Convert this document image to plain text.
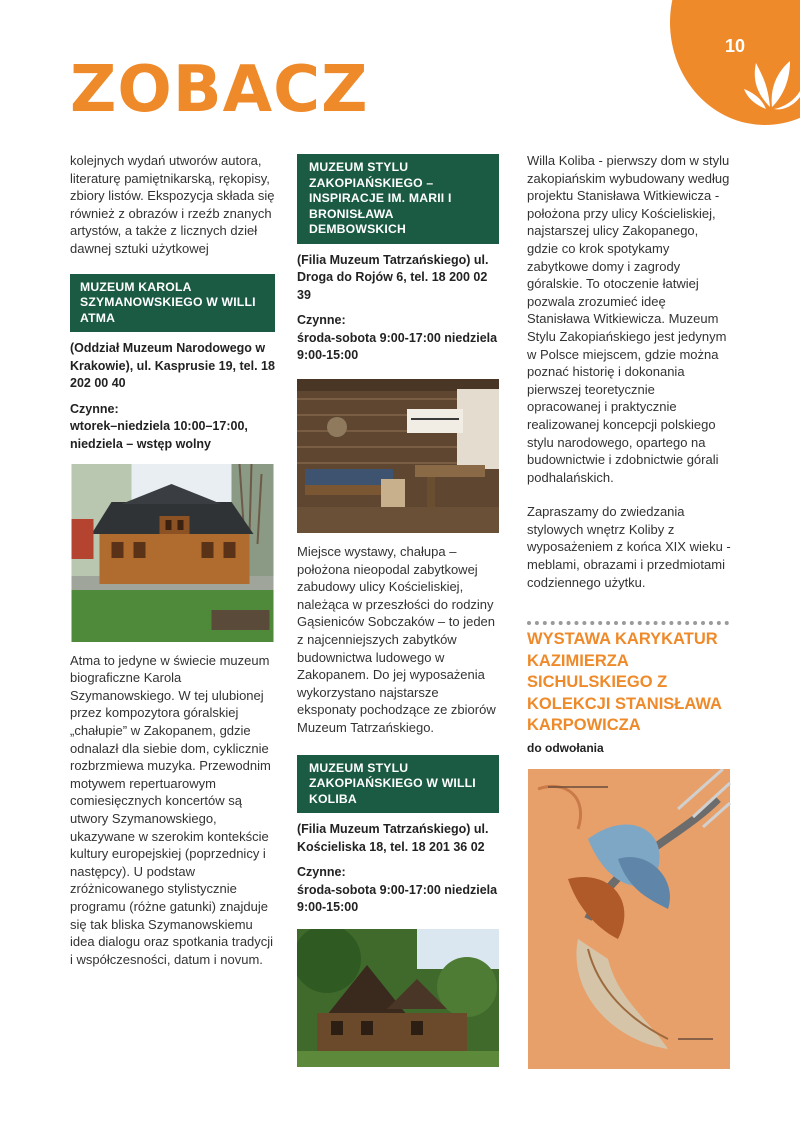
10
ZOBACZ

kolejnych wydań utworów autora, literaturę pamiętnikarską, rękopisy, zbiory listów. Ekspozycja składa się również z obrazów i rzeźb znanych artystów, a także z licznych dzieł dawnej sztuki użytkowej

MUZEUM KAROLA SZYMANOWSKIEGO W WILLI ATMA
(Oddział Muzeum Narodowego w Krakowie), ul. Kasprusie 19, tel. 18 202 00 40
Czynne:
wtorek–niedziela 10:00–17:00, niedziela – wstęp wolny

Atma to jedyne w świecie muzeum biograficzne Karola Szymanowskiego. W tej ulubionej przez kompozytora góralskiej „chałupie” w Zakopanem, gdzie odnalazł dla siebie dom, cyklicznie rozbrzmiewa muzyka. Przewodnim motywem repertuarowym comiesięcznych koncertów są utwory Szymanowskiego, ukazywane w szerokim kontekście kultury europejskiej (poprzednicy i następcy). U podstaw zróżnicowanego stylistycznie programu (różne gatunki) znajduje się tak bliska Szymanowskiemu idea dialogu oraz spotkania tradycji i współczesności, datum i novum.

MUZEUM STYLU ZAKOPIAŃSKIEGO – INSPIRACJE IM. MARII I BRONISŁAWA DEMBOWSKICH
(Filia Muzeum Tatrzańskiego) ul. Droga do Rojów 6, tel. 18 200 02 39
Czynne:
środa-sobota 9:00-17:00 niedziela 9:00-15:00

Miejsce wystawy, chałupa – położona nieopodal zabytkowej zabudowy ulicy Kościeliskiej, należąca w przeszłości do rodziny Gąsieniców Sobczaków – to jeden z najcenniejszych zabytków budownictwa ludowego w Zakopanem. Do jej wyposażenia wykorzystano najstarsze eksponaty pochodzące ze zbiorów Muzeum Tatrzańskiego.

MUZEUM STYLU ZAKOPIAŃSKIEGO W WILLI KOLIBA
(Filia Muzeum Tatrzańskiego) ul. Kościeliska 18, tel. 18 201 36 02
Czynne:
środa-sobota 9:00-17:00 niedziela 9:00-15:00

Willa Koliba - pierwszy dom w stylu zakopiańskim wybudowany według projektu Stanisława Witkiewicza - położona przy ulicy Kościeliskiej, najstarszej ulicy Zakopanego, gdzie co krok spotykamy zabytkowe domy i zagrody góralskie. To otoczenie łatwiej pozwala zrozumieć ideę Stanisława Witkiewicza. Muzeum Stylu Zakopiańskiego jest jedynym w Polsce miejscem, gdzie można poznać historię i dokonania pierwszej teoretycznie opracowanej i praktycznie realizowanej koncepcji polskiego stylu narodowego, opartego na budownictwie i zdobnictwie górali podhalańskich.

Zapraszamy do zwiedzania stylowych wnętrz Koliby z wyposażeniem z końca XIX wieku - meblami, obrazami i przedmiotami codziennego użytku.

WYSTAWA KARYKATUR KAZIMIERZA SICHULSKIEGO Z KOLEKCJI STANISŁAWA KARPOWICZA
do odwołania
